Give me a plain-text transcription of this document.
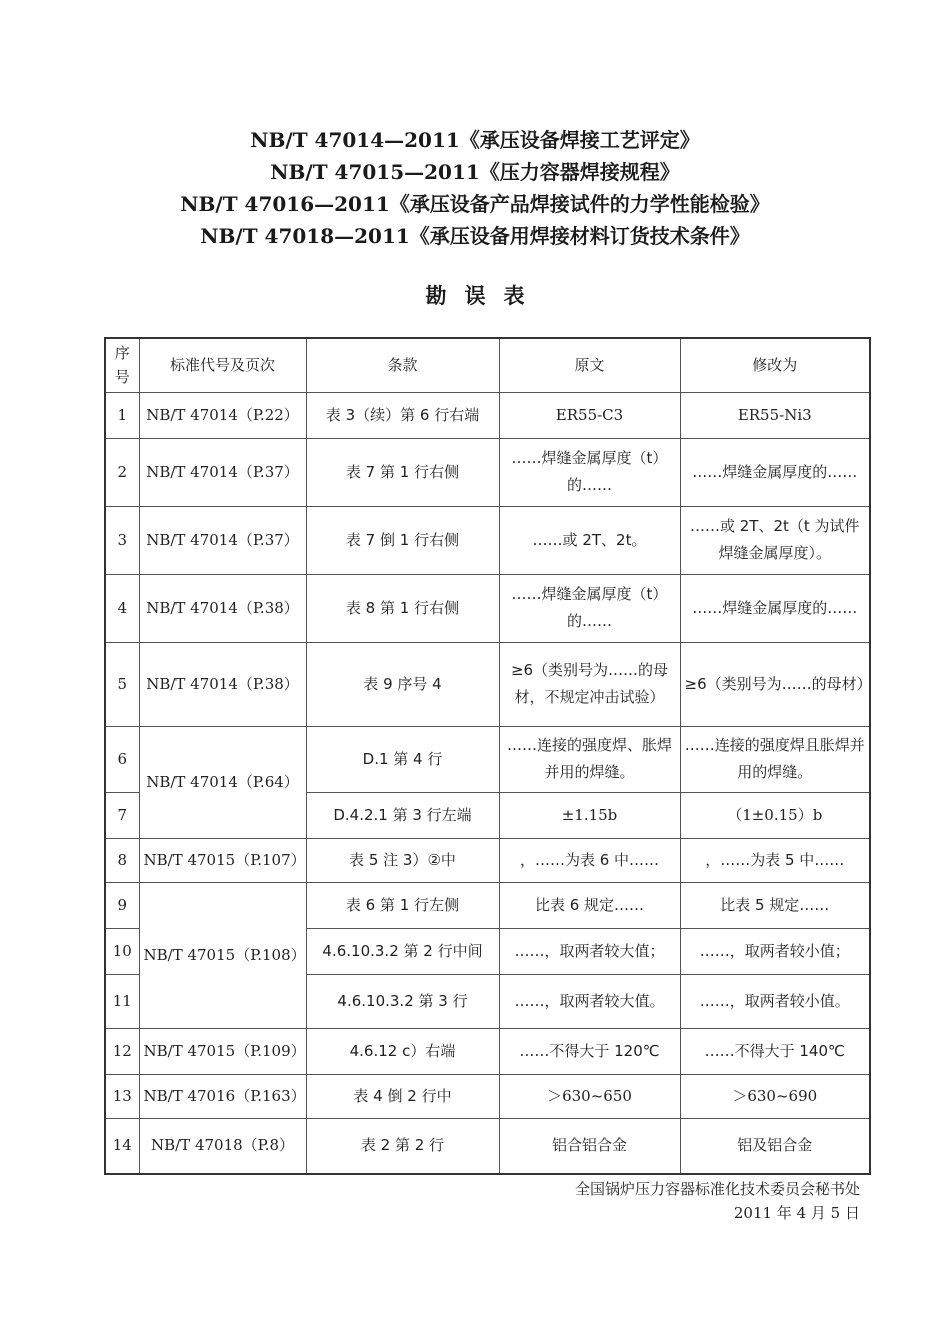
NB/T 47014—2011《承压设备焊接工艺评定》
NB/T 47015—2011《压力容器焊接规程》
NB/T 47016—2011《承压设备产品焊接试件的力学性能检验》
NB/T 47018—2011《承压设备用焊接材料订货技术条件》
勘误表
序号	标准代号及页次	条款	原文	修改为
1	NB/T 47014（P.22）	表 3（续）第 6 行右端	ER55-C3	ER55-Ni3
2	NB/T 47014（P.37）	表 7 第 1 行右侧	……焊缝金属厚度（t）的……	……焊缝金属厚度的……
3	NB/T 47014（P.37）	表 7 倒 1 行右侧	……或 2T、2t。	……或 2T、2t（t 为试件焊缝金属厚度）。
4	NB/T 47014（P.38）	表 8 第 1 行右侧	……焊缝金属厚度（t）的……	……焊缝金属厚度的……
5	NB/T 47014（P.38）	表 9 序号 4	≥6（类别号为……的母材，不规定冲击试验）	≥6（类别号为……的母材）
6	NB/T 47014（P.64）	D.1 第 4 行	……连接的强度焊、胀焊并用的焊缝。	……连接的强度焊且胀焊并用的焊缝。
7		D.4.2.1 第 3 行左端	±1.15b	（1±0.15）b
8	NB/T 47015（P.107）	表 5 注 3）②中	，……为表 6 中……	，……为表 5 中……
9	NB/T 47015（P.108）	表 6 第 1 行左侧	比表 6 规定……	比表 5 规定……
10		4.6.10.3.2 第 2 行中间	……，取两者较大值；	……，取两者较小值；
11		4.6.10.3.2 第 3 行	……，取两者较大值。	……，取两者较小值。
12	NB/T 47015（P.109）	4.6.12 c）右端	……不得大于 120℃	……不得大于 140℃
13	NB/T 47016（P.163）	表 4 倒 2 行中	＞630~650	＞630~690
14	NB/T 47018（P.8）	表 2 第 2 行	铝合铝合金	铝及铝合金
全国锅炉压力容器标准化技术委员会秘书处
2011 年 4 月 5 日
